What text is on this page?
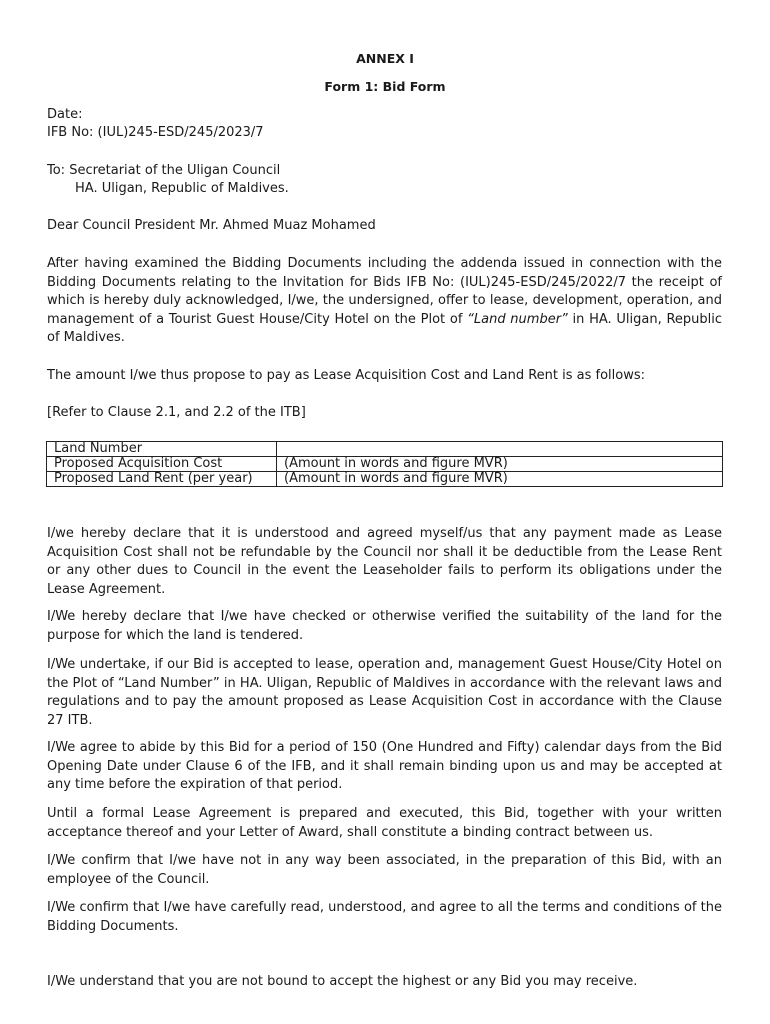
ANNEX I
Form 1: Bid Form
Date:
IFB No: (IUL)245-ESD/245/2023/7
To: Secretariat of the Uligan Council
HA. Uligan, Republic of Maldives.
Dear Council President Mr. Ahmed Muaz Mohamed

After having examined the Bidding Documents including the addenda issued in connection with the Bidding Documents relating to the Invitation for Bids IFB No: (IUL)245-ESD/245/2022/7 the receipt of which is hereby duly acknowledged, I/we, the undersigned, offer to lease, development, operation, and management of a Tourist Guest House/City Hotel on the Plot of “Land number” in HA. Uligan, Republic of Maldives.

The amount I/we thus propose to pay as Lease Acquisition Cost and Land Rent is as follows:
[Refer to Clause 2.1, and 2.2 of the ITB]
Land Number	
Proposed Acquisition Cost	(Amount in words and figure MVR)
Proposed Land Rent (per year)	(Amount in words and figure MVR)

I/we hereby declare that it is understood and agreed myself/us that any payment made as Lease Acquisition Cost shall not be refundable by the Council nor shall it be deductible from the Lease Rent or any other dues to Council in the event the Leaseholder fails to perform its obligations under the Lease Agreement.

I/We hereby declare that I/we have checked or otherwise verified the suitability of the land for the purpose for which the land is tendered.

I/We undertake, if our Bid is accepted to lease, operation and, management Guest House/City Hotel on the Plot of “Land Number” in HA. Uligan, Republic of Maldives in accordance with the relevant laws and regulations and to pay the amount proposed as Lease Acquisition Cost in accordance with the Clause 27 ITB.

I/We agree to abide by this Bid for a period of 150 (One Hundred and Fifty) calendar days from the Bid Opening Date under Clause 6 of the IFB, and it shall remain binding upon us and may be accepted at any time before the expiration of that period.

Until a formal Lease Agreement is prepared and executed, this Bid, together with your written acceptance thereof and your Letter of Award, shall constitute a binding contract between us.

I/We confirm that I/we have not in any way been associated, in the preparation of this Bid, with an employee of the Council.

I/We confirm that I/we have carefully read, understood, and agree to all the terms and conditions of the Bidding Documents.

I/We understand that you are not bound to accept the highest or any Bid you may receive.
